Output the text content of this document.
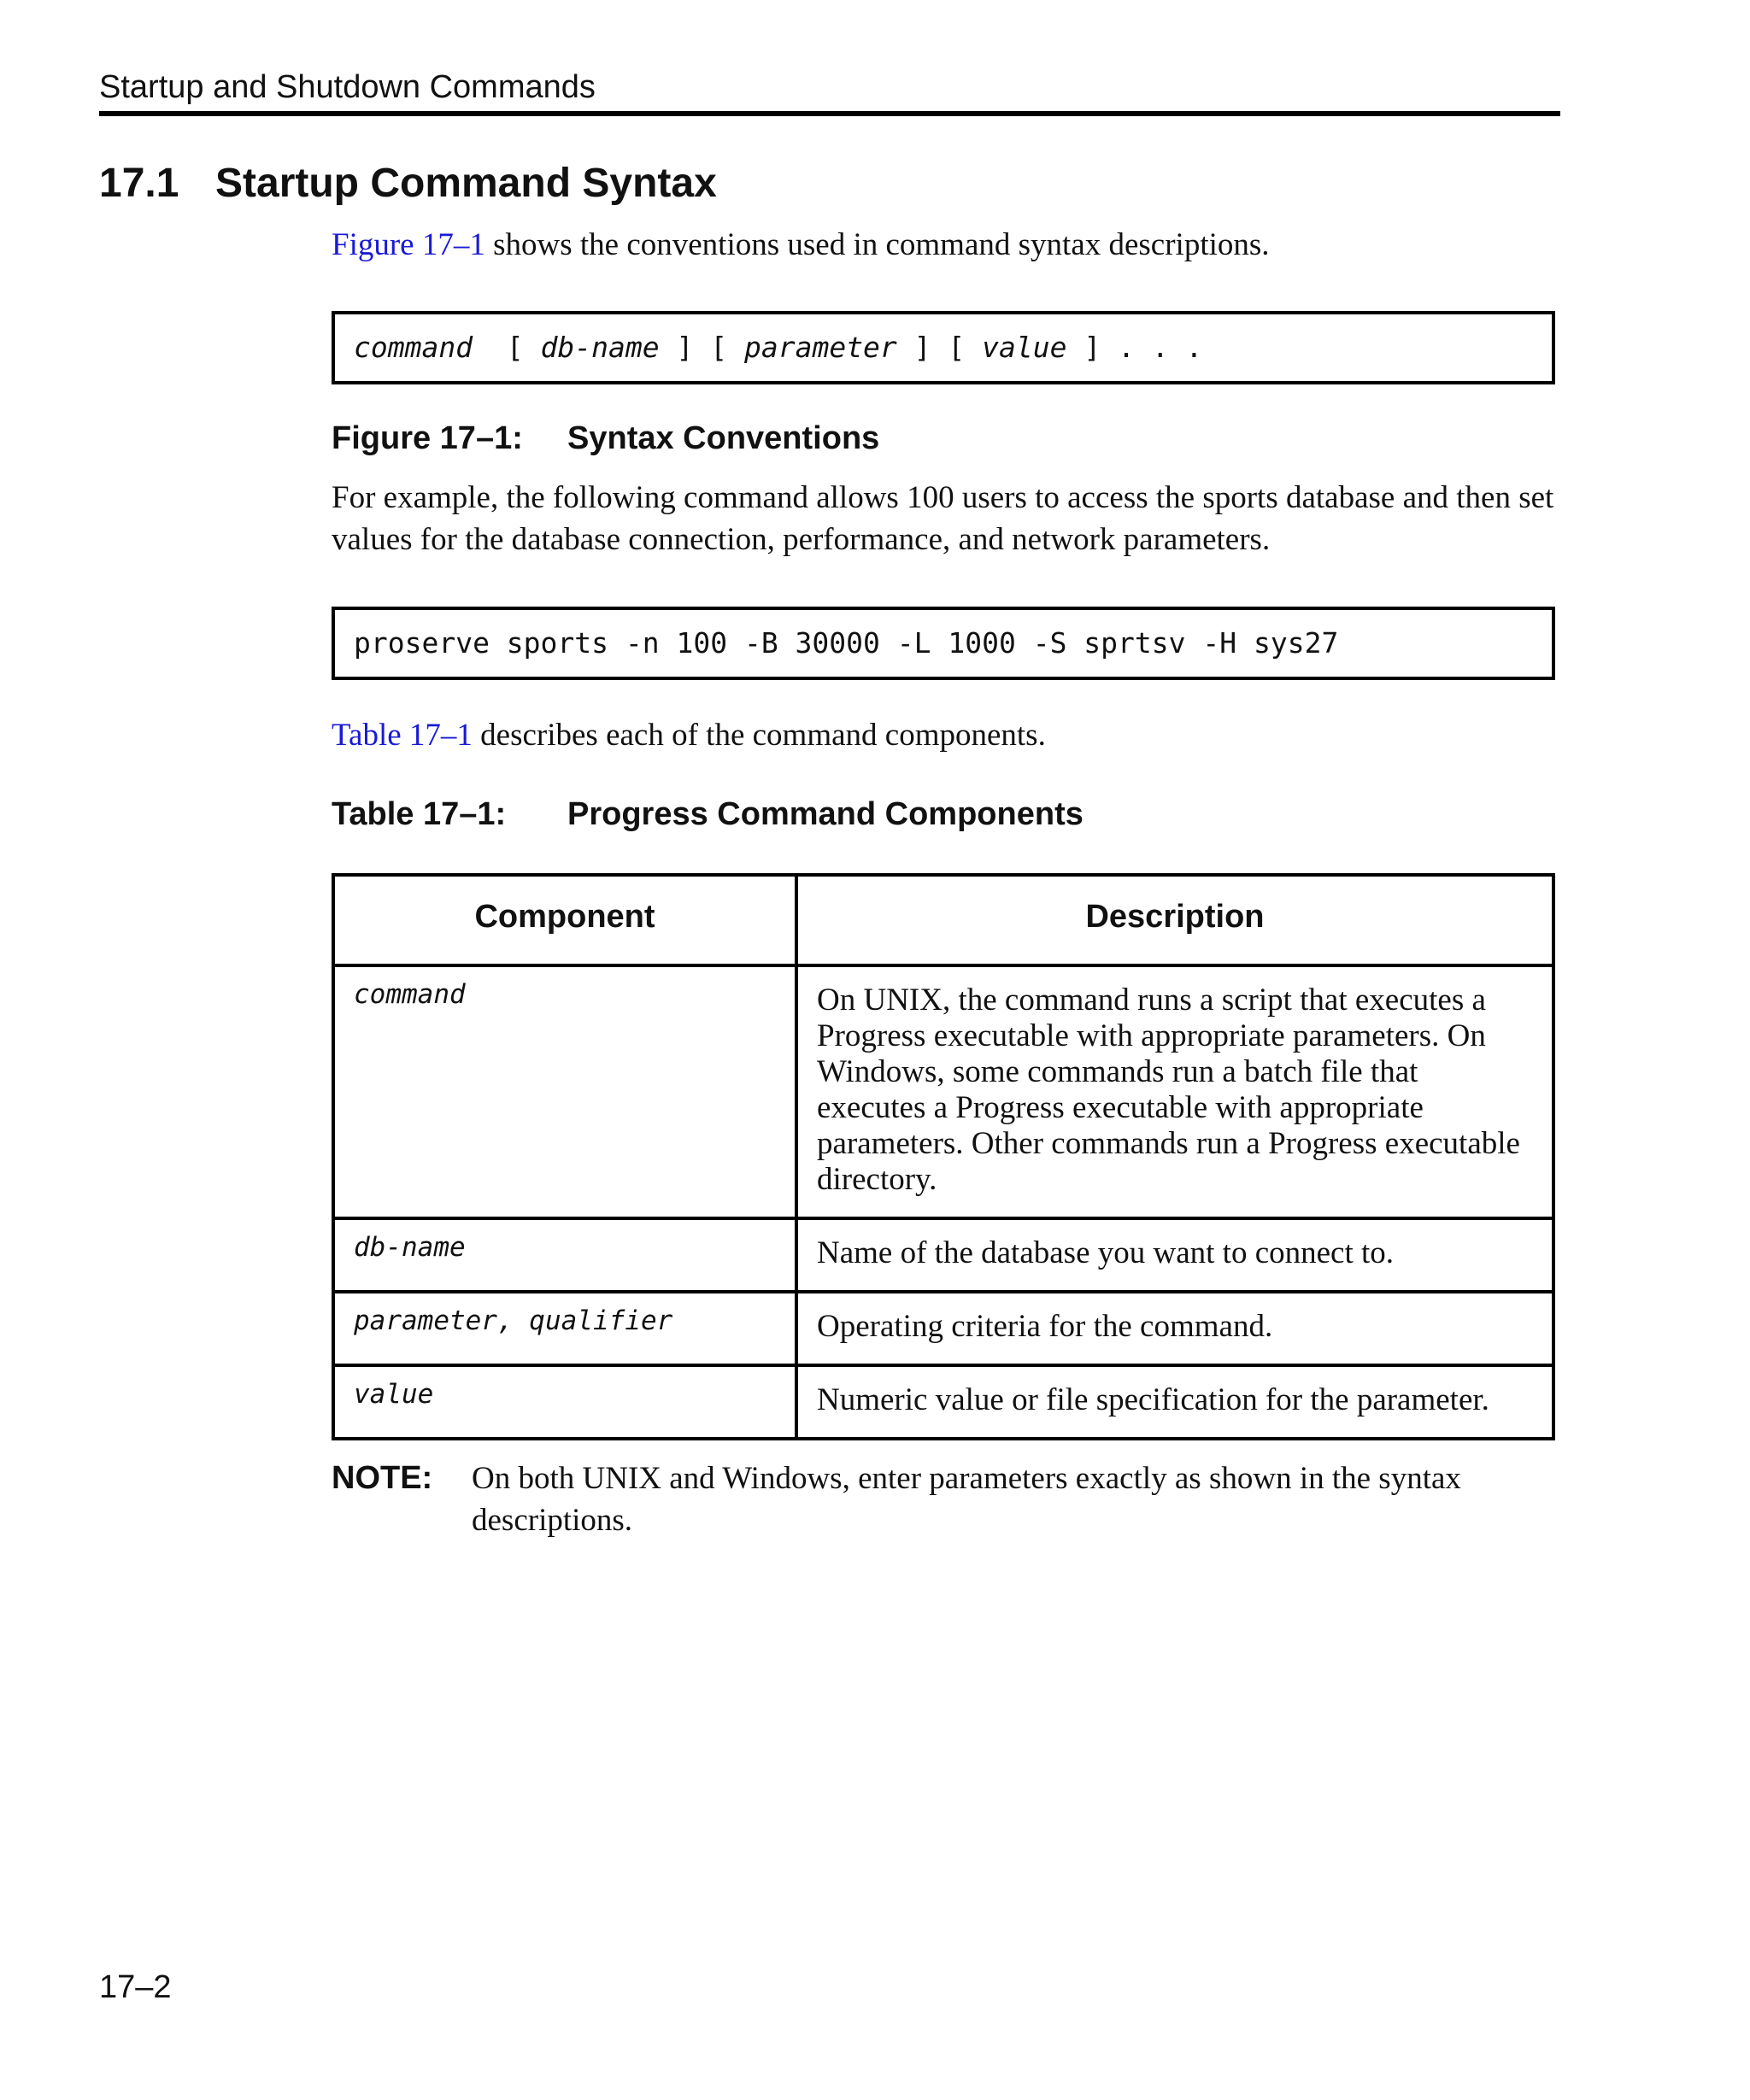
Startup and Shutdown Commands
17.1 Startup Command Syntax
Figure 17–1 shows the conventions used in command syntax descriptions.
command  [ db-name ] [ parameter ] [ value ] . . .
Figure 17–1: Syntax Conventions
For example, the following command allows 100 users to access the sports database and then set values for the database connection, performance, and network parameters.
proserve sports -n 100 -B 30000 -L 1000 -S sprtsv -H sys27
Table 17–1 describes each of the command components.
Table 17–1: Progress Command Components
Component	Description
command	On UNIX, the command runs a script that executes a Progress executable with appropriate parameters. On Windows, some commands run a batch file that executes a Progress executable with appropriate parameters. Other commands run a Progress executable directory.
db-name	Name of the database you want to connect to.
parameter, qualifier	Operating criteria for the command.
value	Numeric value or file specification for the parameter.
NOTE: On both UNIX and Windows, enter parameters exactly as shown in the syntax descriptions.
17–2
